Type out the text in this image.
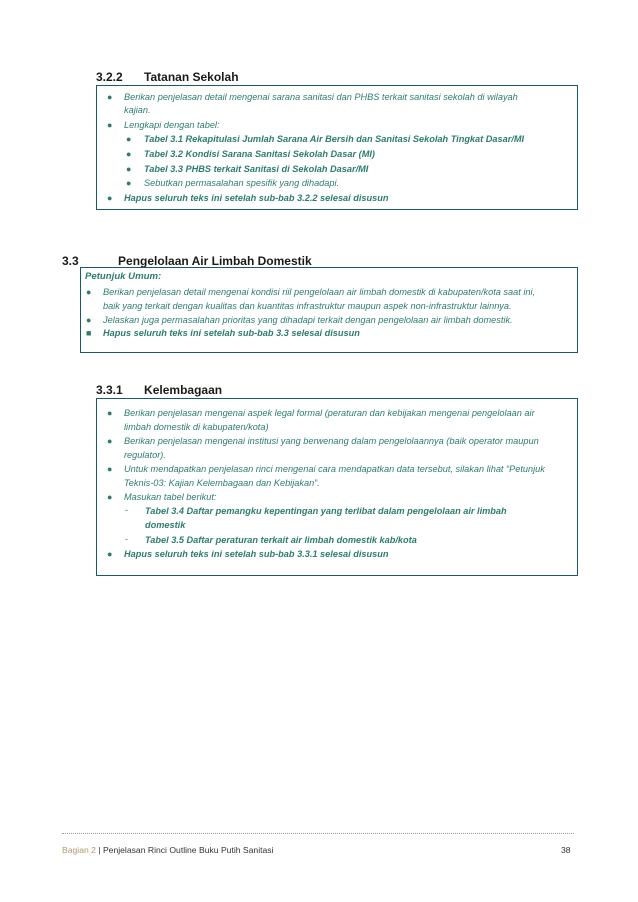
3.2.2 Tatanan Sekolah
● Berikan penjelasan detail mengenai sarana sanitasi dan PHBS terkait sanitasi sekolah di wilayah
kajian.
● Lengkapi dengan tabel:
● Tabel 3.1 Rekapitulasi Jumlah Sarana Air Bersih dan Sanitasi Sekolah Tingkat Dasar/MI
● Tabel 3.2 Kondisi Sarana Sanitasi Sekolah Dasar (MI)
● Tabel 3.3 PHBS terkait Sanitasi di Sekolah Dasar/MI
● Sebutkan permasalahan spesifik yang dihadapi.
● Hapus seluruh teks ini setelah sub-bab 3.2.2 selesai disusun
3.3	Pengelolaan Air Limbah Domestik
Petunjuk Umum:
● Berikan penjelasan detail mengenai kondisi riil pengelolaan air limbah domestik di kabupaten/kota saat ini,
baik yang terkait dengan kualitas dan kuantitas infrastruktur maupun aspek non-infrastruktur lainnya.
● Jelaskan juga permasalahan prioritas yang dihadapi terkait dengan pengelolaan air limbah domestik.
■ Hapus seluruh teks ini setelah sub-bab 3.3 selesai disusun
3.3.1 Kelembagaan
● Berikan penjelasan mengenai aspek legal formal (peraturan dan kebijakan mengenai pengelolaan air
limbah domestik di kabupaten/kota)
● Berikan penjelasan mengenai institusi yang berwenang dalam pengelolaannya (baik operator maupun
regulator).
● Untuk mendapatkan penjelasan rinci mengenai cara mendapatkan data tersebut, silakan lihat “Petunjuk
Teknis-03: Kajian Kelembagaan dan Kebijakan”.
● Masukan tabel berikut:
- Tabel 3.4 Daftar pemangku kepentingan yang terlibat dalam pengelolaan air limbah
domestik
- Tabel 3.5 Daftar peraturan terkait air limbah domestik kab/kota
● Hapus seluruh teks ini setelah sub-bab 3.3.1 selesai disusun
Bagian 2 | Penjelasan Rinci Outline Buku Putih Sanitasi	38
